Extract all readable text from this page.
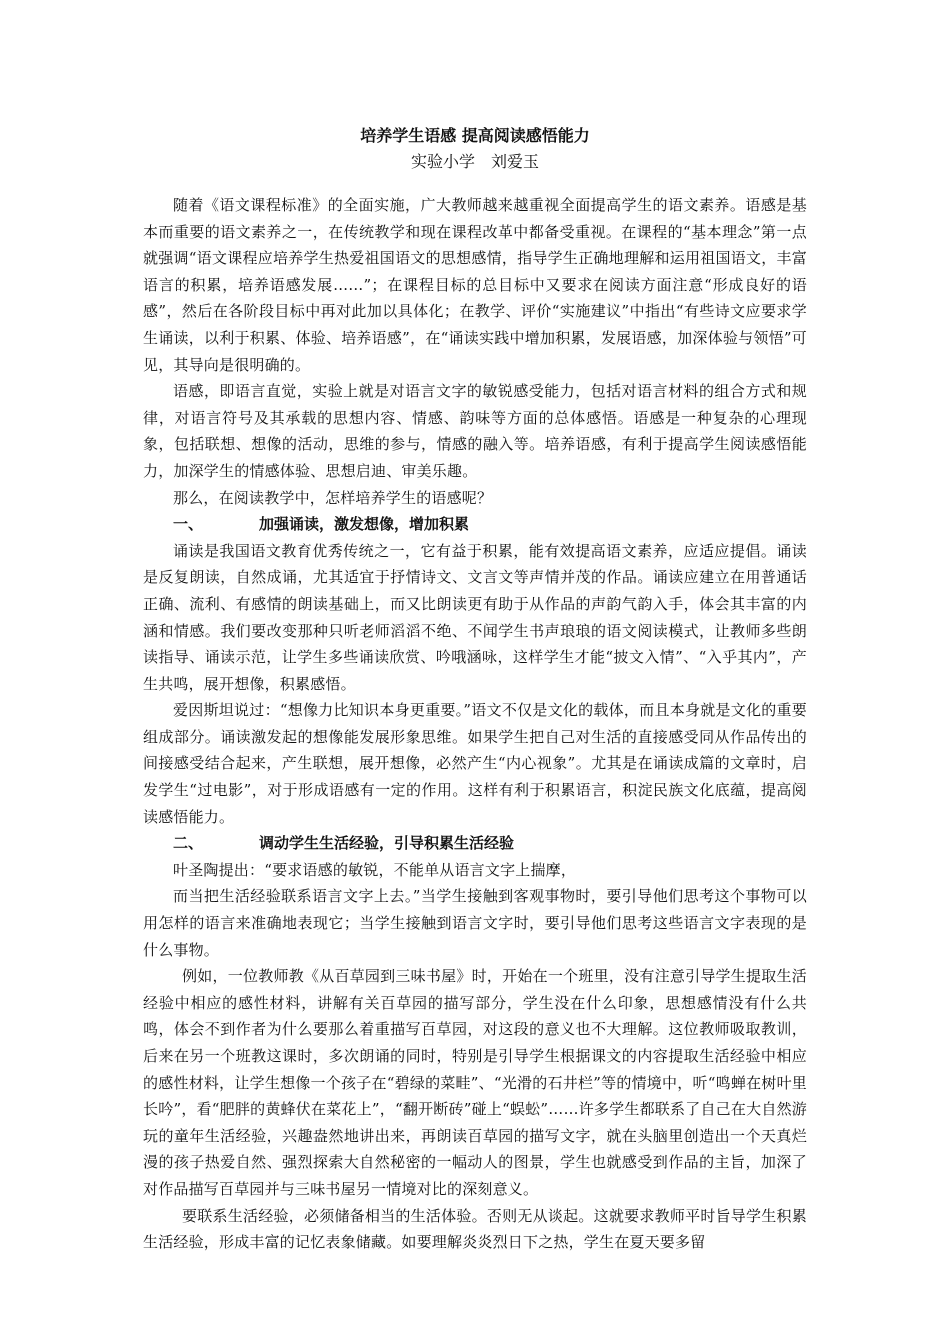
培养学生语感 提高阅读感悟能力

实验小学　刘爱玉

随着《语文课程标准》的全面实施，广大教师越来越重视全面提高学生的语文素养。语感是基本而重要的语文素养之一，在传统教学和现在课程改革中都备受重视。在课程的“基本理念”第一点就强调“语文课程应培养学生热爱祖国语文的思想感情，指导学生正确地理解和运用祖国语文，丰富语言的积累，培养语感发展……”；在课程目标的总目标中又要求在阅读方面注意“形成良好的语感”，然后在各阶段目标中再对此加以具体化；在教学、评价“实施建议”中指出“有些诗文应要求学生诵读，以利于积累、体验、培养语感”，在“诵读实践中增加积累，发展语感，加深体验与领悟”可见，其导向是很明确的。

语感，即语言直觉，实验上就是对语言文字的敏锐感受能力，包括对语言材料的组合方式和规律，对语言符号及其承载的思想内容、情感、韵味等方面的总体感悟。语感是一种复杂的心理现象，包括联想、想像的活动，思维的参与，情感的融入等。培养语感，有利于提高学生阅读感悟能力，加深学生的情感体验、思想启迪、审美乐趣。

那么，在阅读教学中，怎样培养学生的语感呢？

一、	加强诵读，激发想像，增加积累

诵读是我国语文教育优秀传统之一，它有益于积累，能有效提高语文素养，应适应提倡。诵读是反复朗读，自然成诵，尤其适宜于抒情诗文、文言文等声情并茂的作品。诵读应建立在用普通话正确、流利、有感情的朗读基础上，而又比朗读更有助于从作品的声韵气韵入手，体会其丰富的内涵和情感。我们要改变那种只听老师滔滔不绝、不闻学生书声琅琅的语文阅读模式，让教师多些朗读指导、诵读示范，让学生多些诵读欣赏、吟哦涵咏，这样学生才能“披文入情”、“入乎其内”，产生共鸣，展开想像，积累感悟。

爱因斯坦说过：“想像力比知识本身更重要。”语文不仅是文化的载体，而且本身就是文化的重要组成部分。诵读激发起的想像能发展形象思维。如果学生把自己对生活的直接感受同从作品传出的间接感受结合起来，产生联想，展开想像，必然产生“内心视象”。尤其是在诵读成篇的文章时，启发学生“过电影”，对于形成语感有一定的作用。这样有利于积累语言，积淀民族文化底蕴，提高阅读感悟能力。

二、	调动学生生活经验，引导积累生活经验

叶圣陶提出：“要求语感的敏锐，不能单从语言文字上揣摩，

而当把生活经验联系语言文字上去。”当学生接触到客观事物时，要引导他们思考这个事物可以用怎样的语言来准确地表现它；当学生接触到语言文字时，要引导他们思考这些语言文字表现的是什么事物。

例如，一位教师教《从百草园到三味书屋》时，开始在一个班里，没有注意引导学生提取生活经验中相应的感性材料，讲解有关百草园的描写部分，学生没在什么印象，思想感情没有什么共鸣，体会不到作者为什么要那么着重描写百草园，对这段的意义也不大理解。这位教师吸取教训，后来在另一个班教这课时，多次朗诵的同时，特别是引导学生根据课文的内容提取生活经验中相应的感性材料，让学生想像一个孩子在“碧绿的菜畦”、“光滑的石井栏”等的情境中，听“鸣蝉在树叶里长吟”，看“肥胖的黄蜂伏在菜花上”，“翻开断砖”碰上“蜈蚣”……许多学生都联系了自己在大自然游玩的童年生活经验，兴趣盎然地讲出来，再朗读百草园的描写文字，就在头脑里创造出一个天真烂漫的孩子热爱自然、强烈探索大自然秘密的一幅动人的图景，学生也就感受到作品的主旨，加深了对作品描写百草园并与三味书屋另一情境对比的深刻意义。

要联系生活经验，必须储备相当的生活体验。否则无从谈起。这就要求教师平时旨导学生积累生活经验，形成丰富的记忆表象储藏。如要理解炎炎烈日下之热，学生在夏天要多留
